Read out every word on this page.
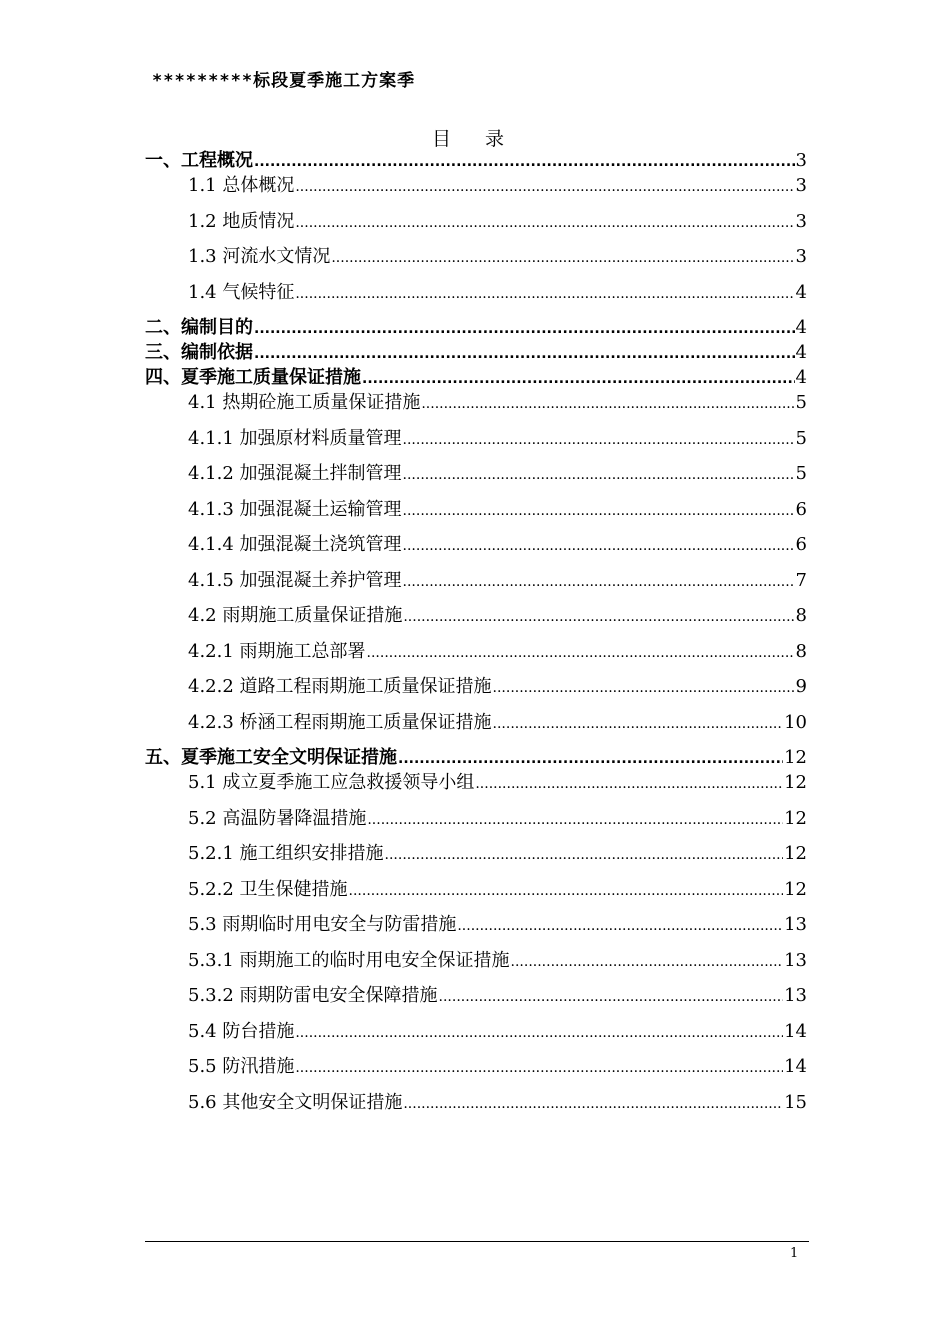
*********标段夏季施工方案季
目 录
一、工程概况 .....	3
1.1 总体概况 .....	3
1.2 地质情况 .....	3
1.3 河流水文情况 .....	3
1.4 气候特征 .....	4
二、编制目的 .....	4
三、编制依据 .....	4
四、夏季施工质量保证措施 .....	4
4.1 热期砼施工质量保证措施 .....	5
4.1.1 加强原材料质量管理 .....	5
4.1.2 加强混凝土拌制管理 .....	5
4.1.3 加强混凝土运输管理 .....	6
4.1.4 加强混凝土浇筑管理 .....	6
4.1.5 加强混凝土养护管理 .....	7
4.2 雨期施工质量保证措施 .....	8
4.2.1 雨期施工总部署 .....	8
4.2.2 道路工程雨期施工质量保证措施 .....	9
4.2.3 桥涵工程雨期施工质量保证措施 .....	10
五、夏季施工安全文明保证措施 .....	12
5.1 成立夏季施工应急救援领导小组 .....	12
5.2 高温防暑降温措施 .....	12
5.2.1 施工组织安排措施 .....	12
5.2.2 卫生保健措施 .....	12
5.3 雨期临时用电安全与防雷措施 .....	13
5.3.1 雨期施工的临时用电安全保证措施 .....	13
5.3.2 雨期防雷电安全保障措施 .....	13
5.4 防台措施 .....	14
5.5 防汛措施 .....	14
5.6 其他安全文明保证措施 .....	15
1
